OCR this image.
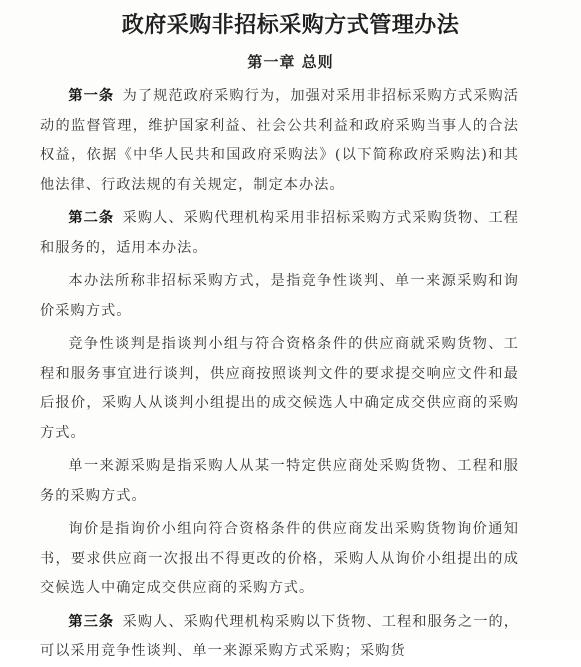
政府采购非招标采购方式管理办法
第一章 总则

第一条 为了规范政府采购行为，加强对采用非招标采购方式采购活动的监督管理，维护国家利益、社会公共利益和政府采购当事人的合法权益，依据《中华人民共和国政府采购法》(以下简称政府采购法)和其他法律、行政法规的有关规定，制定本办法。

第二条 采购人、采购代理机构采用非招标采购方式采购货物、工程和服务的，适用本办法。

本办法所称非招标采购方式，是指竞争性谈判、单一来源采购和询价采购方式。

竞争性谈判是指谈判小组与符合资格条件的供应商就采购货物、工程和服务事宜进行谈判，供应商按照谈判文件的要求提交响应文件和最后报价，采购人从谈判小组提出的成交候选人中确定成交供应商的采购方式。

单一来源采购是指采购人从某一特定供应商处采购货物、工程和服务的采购方式。

询价是指询价小组向符合资格条件的供应商发出采购货物询价通知书，要求供应商一次报出不得更改的价格，采购人从询价小组提出的成交候选人中确定成交供应商的采购方式。

第三条 采购人、采购代理机构采购以下货物、工程和服务之一的，可以采用竞争性谈判、单一来源采购方式采购；采购货
